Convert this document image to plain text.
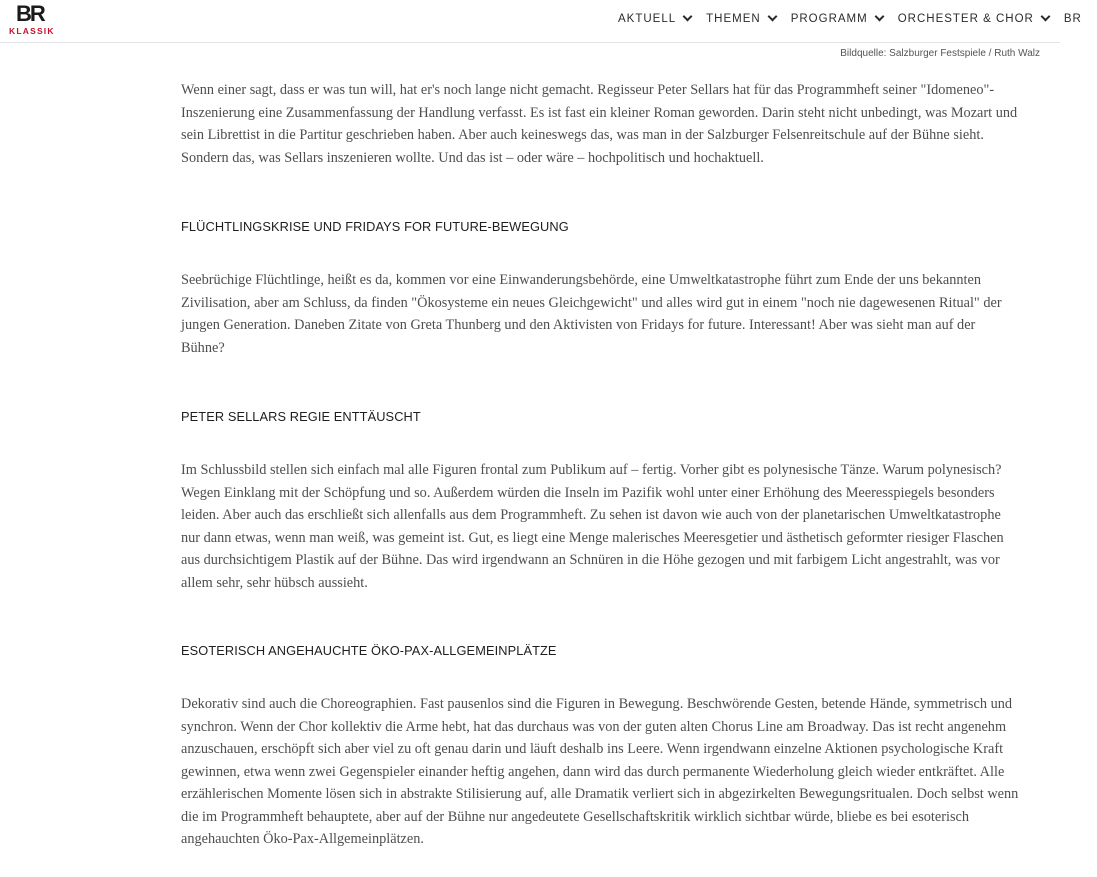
BR
KLASSIK
AKTUELL	THEMEN	PROGRAMM	ORCHESTER & CHOR	BR
Bildquelle: Salzburger Festspiele / Ruth Walz

Wenn einer sagt, dass er was tun will, hat er's noch lange nicht gemacht. Regisseur Peter Sellars hat für das Programmheft seiner "Idomeneo"-Inszenierung eine Zusammenfassung der Handlung verfasst. Es ist fast ein kleiner Roman geworden. Darin steht nicht unbedingt, was Mozart und sein Librettist in die Partitur geschrieben haben. Aber auch keineswegs das, was man in der Salzburger Felsenreitschule auf der Bühne sieht. Sondern das, was Sellars inszenieren wollte. Und das ist – oder wäre – hochpolitisch und hochaktuell.

FLÜCHTLINGSKRISE UND FRIDAYS FOR FUTURE-BEWEGUNG

Seebrüchige Flüchtlinge, heißt es da, kommen vor eine Einwanderungsbehörde, eine Umweltkatastrophe führt zum Ende der uns bekannten Zivilisation, aber am Schluss, da finden "Ökosysteme ein neues Gleichgewicht" und alles wird gut in einem "noch nie dagewesenen Ritual" der jungen Generation. Daneben Zitate von Greta Thunberg und den Aktivisten von Fridays for future. Interessant! Aber was sieht man auf der Bühne?

PETER SELLARS REGIE ENTTÄUSCHT

Im Schlussbild stellen sich einfach mal alle Figuren frontal zum Publikum auf – fertig. Vorher gibt es polynesische Tänze. Warum polynesisch? Wegen Einklang mit der Schöpfung und so. Außerdem würden die Inseln im Pazifik wohl unter einer Erhöhung des Meeresspiegels besonders leiden. Aber auch das erschließt sich allenfalls aus dem Programmheft. Zu sehen ist davon wie auch von der planetarischen Umweltkatastrophe nur dann etwas, wenn man weiß, was gemeint ist. Gut, es liegt eine Menge malerisches Meeresgetier und ästhetisch geformter riesiger Flaschen aus durchsichtigem Plastik auf der Bühne. Das wird irgendwann an Schnüren in die Höhe gezogen und mit farbigem Licht angestrahlt, was vor allem sehr, sehr hübsch aussieht.

ESOTERISCH ANGEHAUCHTE ÖKO-PAX-ALLGEMEINPLÄTZE

Dekorativ sind auch die Choreographien. Fast pausenlos sind die Figuren in Bewegung. Beschwörende Gesten, betende Hände, symmetrisch und synchron. Wenn der Chor kollektiv die Arme hebt, hat das durchaus was von der guten alten Chorus Line am Broadway. Das ist recht angenehm anzuschauen, erschöpft sich aber viel zu oft genau darin und läuft deshalb ins Leere. Wenn irgendwann einzelne Aktionen psychologische Kraft gewinnen, etwa wenn zwei Gegenspieler einander heftig angehen, dann wird das durch permanente Wiederholung gleich wieder entkräftet. Alle erzählerischen Momente lösen sich in abstrakte Stilisierung auf, alle Dramatik verliert sich in abgezirkelten Bewegungsritualen. Doch selbst wenn die im Programmheft behauptete, aber auf der Bühne nur angedeutete Gesellschaftskritik wirklich sichtbar würde, bliebe es bei esoterisch angehauchten Öko-Pax-Allgemeinplätzen.
